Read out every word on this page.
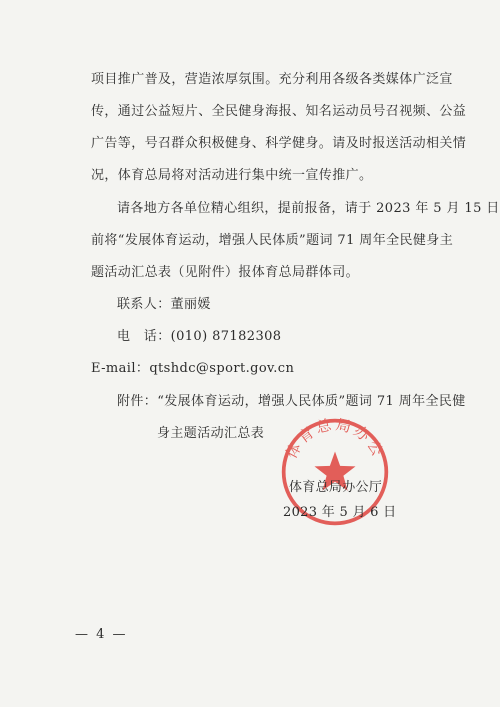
项目推广普及，营造浓厚氛围。充分利用各级各类媒体广泛宣
传，通过公益短片、全民健身海报、知名运动员号召视频、公益
广告等，号召群众积极健身、科学健身。请及时报送活动相关情
况，体育总局将对活动进行集中统一宣传推广。
请各地方各单位精心组织，提前报备，请于 2023 年 5 月 15 日
前将“发展体育运动，增强人民体质”题词 71 周年全民健身主
题活动汇总表（见附件）报体育总局群体司。
联系人：董丽媛
电　话：(010) 87182308
E-mail：qtshdc@sport.gov.cn
附件：“发展体育运动，增强人民体质”题词 71 周年全民健
身主题活动汇总表
体育总局办公
体育总局办公厅
2023 年 5 月 6 日
— 4 —
